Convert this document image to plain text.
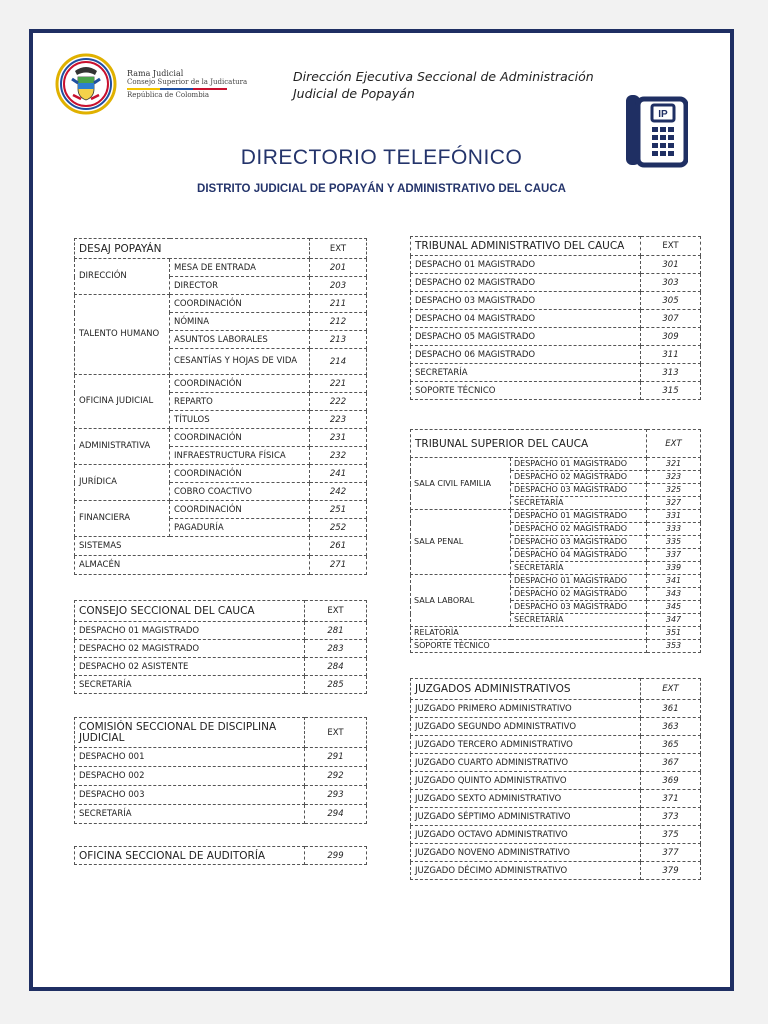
Rama Judicial
Consejo Superior de la Judicatura
República de Colombia
Dirección Ejecutiva Seccional de Administración
Judicial de Popayán
IP
DIRECTORIO TELEFÓNICO
DISTRITO JUDICIAL DE POPAYÁN Y ADMINISTRATIVO DEL CAUCA
DESAJ POPAYÁN		EXT
DIRECCIÓN	MESA DE ENTRADA	201
	DIRECTOR	203
TALENTO HUMANO	COORDINACIÓN	211
	NÓMINA	212
	ASUNTOS LABORALES	213
	CESANTÍAS Y HOJAS DE VIDA	214
OFICINA JUDICIAL	COORDINACIÓN	221
	REPARTO	222
	TÍTULOS	223
ADMINISTRATIVA	COORDINACIÓN	231
	INFRAESTRUCTURA FÍSICA	232
JURÍDICA	COORDINACIÓN	241
	COBRO COACTIVO	242
FINANCIERA	COORDINACIÓN	251
	PAGADURÍA	252
SISTEMAS		261
ALMACÉN		271
CONSEJO SECCIONAL DEL CAUCA	EXT
DESPACHO 01 MAGISTRADO	281
DESPACHO 02 MAGISTRADO	283
DESPACHO 02 ASISTENTE	284
SECRETARÍA	285
COMISIÓN SECCIONAL DE DISCIPLINA JUDICIAL	EXT
DESPACHO 001	291
DESPACHO 002	292
DESPACHO 003	293
SECRETARÍA	294
OFICINA SECCIONAL DE AUDITORÍA	299
TRIBUNAL ADMINISTRATIVO DEL CAUCA	EXT
DESPACHO 01 MAGISTRADO	301
DESPACHO 02 MAGISTRADO	303
DESPACHO 03 MAGISTRADO	305
DESPACHO 04 MAGISTRADO	307
DESPACHO 05 MAGISTRADO	309
DESPACHO 06 MAGISTRADO	311
SECRETARÍA	313
SOPORTE TÉCNICO	315
TRIBUNAL SUPERIOR DEL CAUCA		EXT
SALA CIVIL FAMILIA	DESPACHO 01 MAGISTRADO	321
	DESPACHO 02 MAGISTRADO	323
	DESPACHO 03 MAGISTRADO	325
	SECRETARÍA	327
SALA PENAL	DESPACHO 01 MAGISTRADO	331
	DESPACHO 02 MAGISTRADO	333
	DESPACHO 03 MAGISTRADO	335
	DESPACHO 04 MAGISTRADO	337
	SECRETARÍA	339
SALA LABORAL	DESPACHO 01 MAGISTRADO	341
	DESPACHO 02 MAGISTRADO	343
	DESPACHO 03 MAGISTRADO	345
	SECRETARÍA	347
RELATORÍA		351
SOPORTE TÉCNICO		353
JUZGADOS ADMINISTRATIVOS	EXT
JUZGADO PRIMERO ADMINISTRATIVO	361
JUZGADO SEGUNDO ADMINISTRATIVO	363
JUZGADO TERCERO ADMINISTRATIVO	365
JUZGADO CUARTO ADMINISTRATIVO	367
JUZGADO QUINTO ADMINISTRATIVO	369
JUZGADO SEXTO ADMINISTRATIVO	371
JUZGADO SÉPTIMO ADMINISTRATIVO	373
JUZGADO OCTAVO ADMINISTRATIVO	375
JUZGADO NOVENO ADMINISTRATIVO	377
JUZGADO DÉCIMO ADMINISTRATIVO	379
